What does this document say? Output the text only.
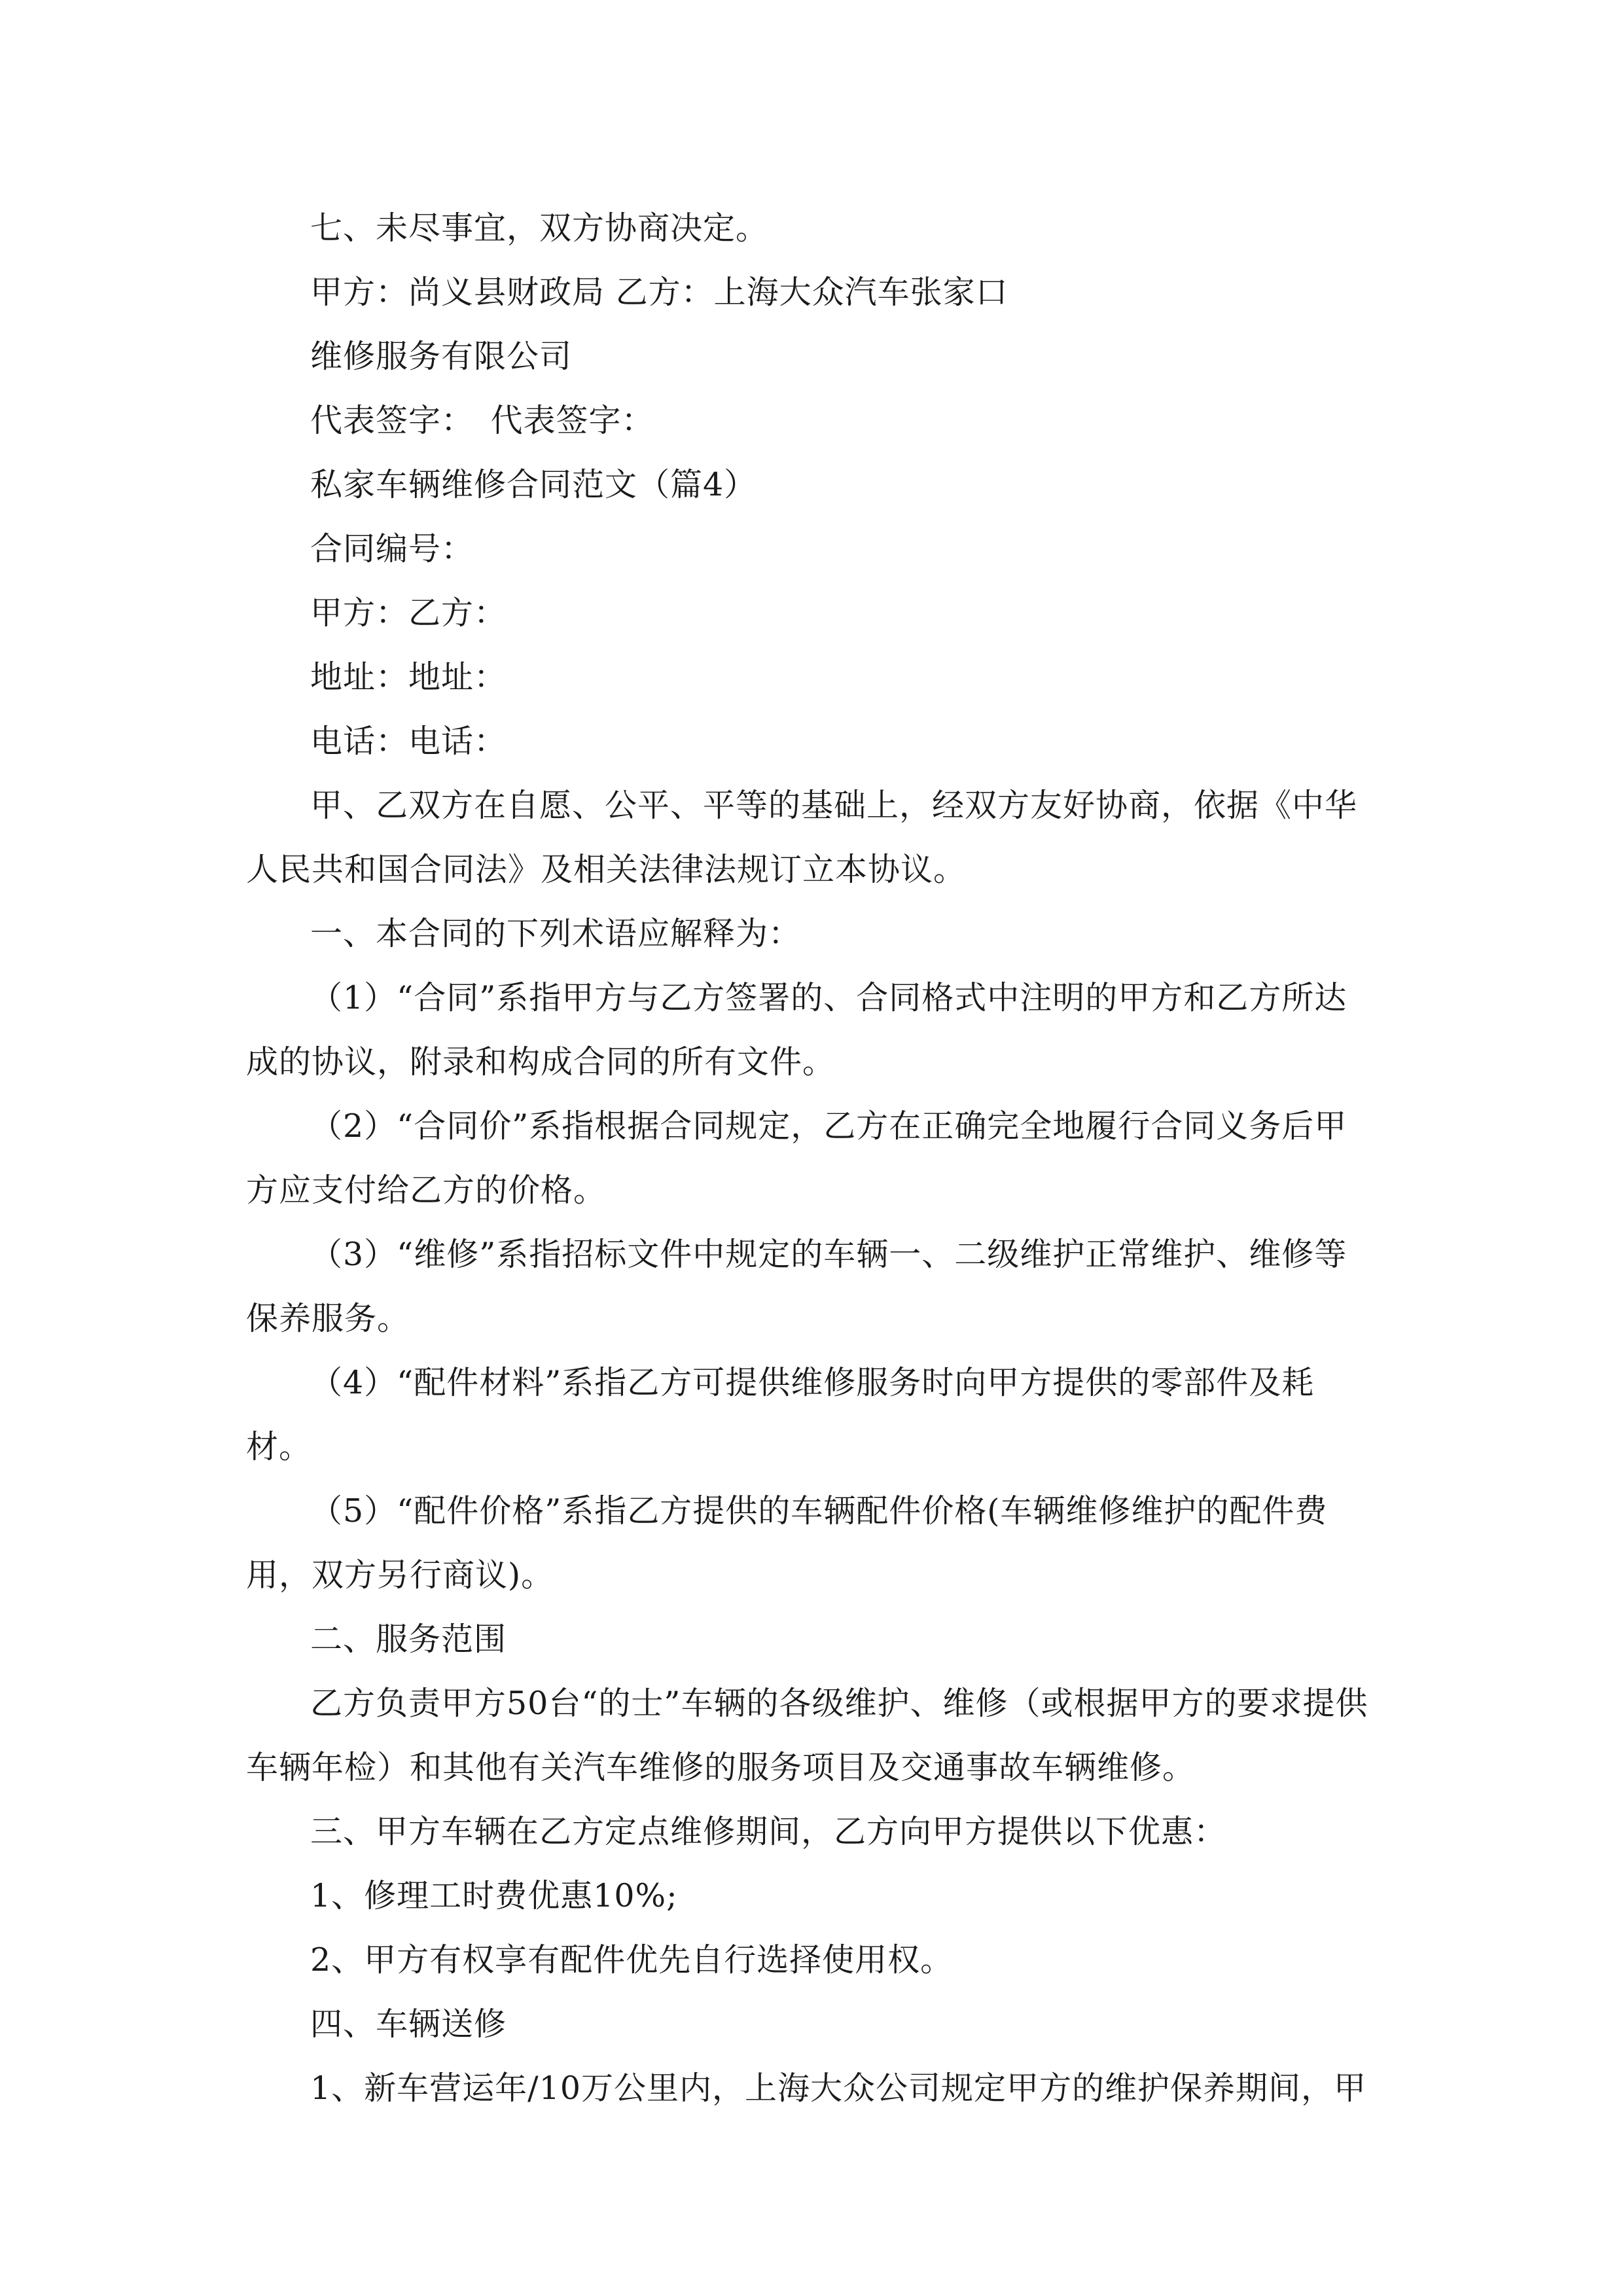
七、未尽事宜，双方协商决定。

甲方：尚义县财政局 乙方：上海大众汽车张家口

维修服务有限公司

代表签字：　代表签字：

私家车辆维修合同范文（篇4）

合同编号：

甲方：乙方：

地址：地址：

电话：电话：

甲、乙双方在自愿、公平、平等的基础上，经双方友好协商，依据《中华人民共和国合同法》及相关法律法规订立本协议。

一、本合同的下列术语应解释为：

（1）“合同”系指甲方与乙方签署的、合同格式中注明的甲方和乙方所达成的协议，附录和构成合同的所有文件。

（2）“合同价”系指根据合同规定，乙方在正确完全地履行合同义务后甲方应支付给乙方的价格。

（3）“维修”系指招标文件中规定的车辆一、二级维护正常维护、维修等保养服务。

（4）“配件材料”系指乙方可提供维修服务时向甲方提供的零部件及耗材。

（5）“配件价格”系指乙方提供的车辆配件价格(车辆维修维护的配件费用，双方另行商议)。

二、服务范围

乙方负责甲方50台“的士”车辆的各级维护、维修（或根据甲方的要求提供车辆年检）和其他有关汽车维修的服务项目及交通事故车辆维修。

三、甲方车辆在乙方定点维修期间，乙方向甲方提供以下优惠：

1、修理工时费优惠10%;

2、甲方有权享有配件优先自行选择使用权。

四、车辆送修

1、新车营运年/10万公里内，上海大众公司规定甲方的维护保养期间，甲
